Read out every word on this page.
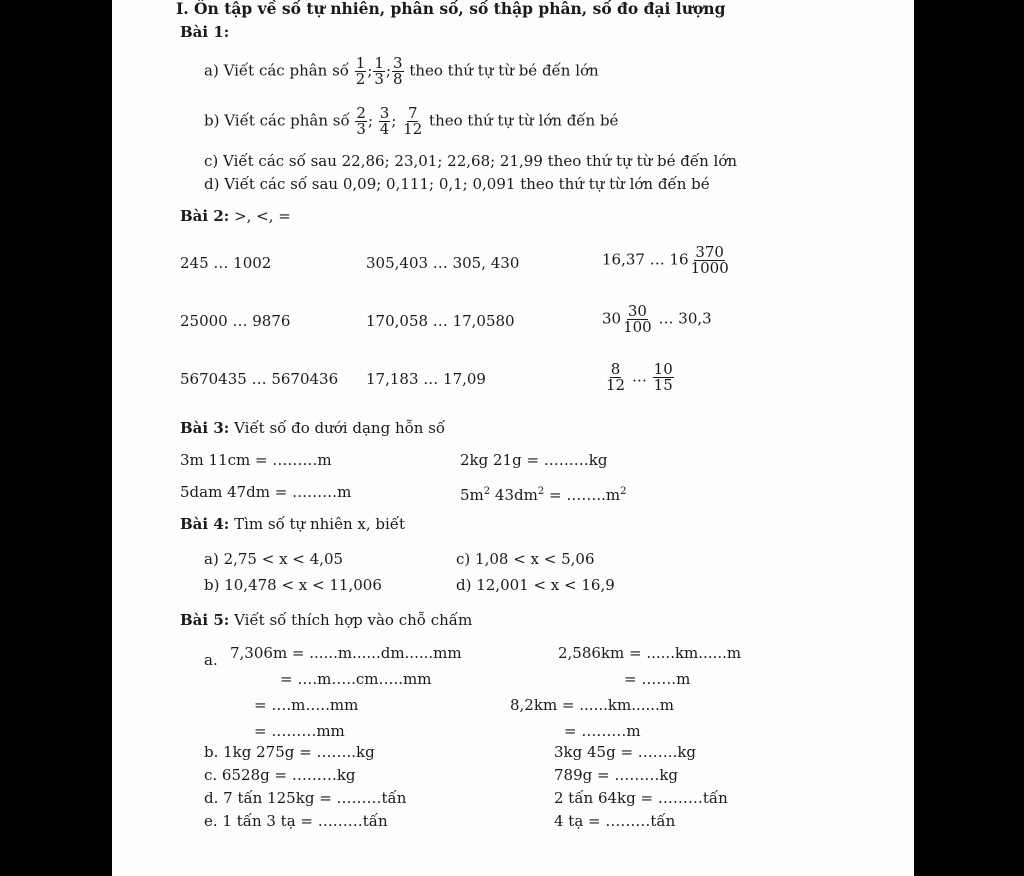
I. Ôn tập về số tự nhiên, phân số, số thập phân, số đo đại lượng
Bài 1:
a) Viết các phân số $\frac{1}{2}$ ; $\frac{1}{3}$ ; $\frac{3}{8}$ theo thứ tự từ bé đến lớn
b) Viết các phân số $\frac{2}{3}$ ; $\frac{3}{4}$ ; $\frac{7}{12}$ theo thứ tự từ lớn đến bé
c) Viết các số sau 22,86; 23,01; 22,68; 21,99 theo thứ tự từ bé đến lớn
d) Viết các số sau 0,09; 0,111; 0,1; 0,091 theo thứ tự từ lớn đến bé
Bài 2: >, <, =
245 … 1002	305,403 … 305, 430	16,37 … $16 \frac{370}{1000}$
25000 … 9876	170,058 … 17,0580	$30 \frac{30}{100}$ … 30,3
5670435 … 5670436 17,183 … 17,09	$\frac{8}{12}$ … $\frac{10}{15}$
Bài 3: Viết số đo dưới dạng hỗn số
3m 11cm = ………m	2kg 21g = ………kg
5dam 47dm = ………m	$5m^2$ $43dm^2$ = $\dots\dots..m^2$
Bài 4: Tìm số tự nhiên x, biết
a) 2,75 < x < 4,05
b) 10,478 < x < 11,006
c) 1,08 < x < 5,06
d) 12,001 < x < 16,9
Bài 5: Viết số thích hợp vào chỗ chấm
a. 7,306m = ......m......dm......mm
= ….m…..cm…..mm
= ….m…..mm
= ………mm
2,586km = ......km......m
= …….m
8,2km = ......km......m
= ………m
b. 1kg 275g = ……..kg	3kg 45g = ……..kg
c. 6528g = ………kg	789g = ………kg
d. 7 tấn 125kg = ………tấn	2 tấn 64kg = ………tấn
e. 1 tấn 3 tạ = ………tấn	4 tạ = ………tấn
